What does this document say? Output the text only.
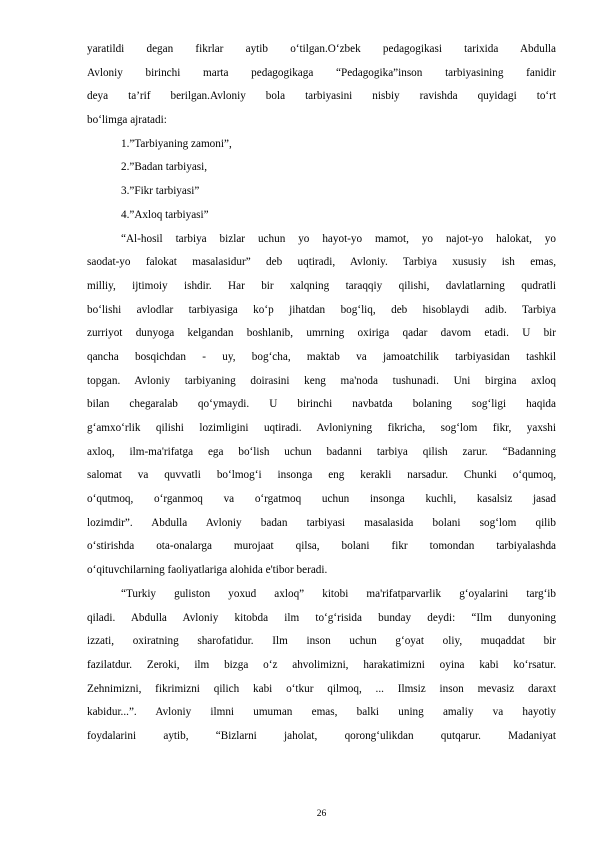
yaratildi degan fikrlar aytib o‘tilgan.O‘zbek pedagogikasi tarixida Abdulla
Avloniy birinchi marta pedagogikaga “Pedagogika”insоn tarbiyasining fanidir
deya ta’rif berilgan.Avloniy bola tarbiyasini nisbiy ravishda quyidagi to‘rt
bo‘limga ajratadi:
1.”Tarbiyaning zamoni”,
2.”Badan tarbiyasi,
3.”Fikr tarbiyasi”
4.”Axloq tarbiyasi”
“Al-hosil tarbiya bizlar uchun yo hayot-yo mamot, yo najot-yo halokat, yo
saodat-yo falokat masalasidur” deb uqtiradi, Avloniy. Tarbiya xususiy ish emas,
milliy, ijtimoiy ishdir. Har bir xalqning taraqqiy qilishi, davlatlarning qudratli
bo‘lishi avlodlar tarbiyasiga ko‘p jihatdan bog‘liq, deb hisoblaydi adib. Tarbiya
zurriyot dunyoga kelgandan boshlanib, umrning oxiriga qadar davom etadi. U bir
qancha bosqichdan - uy, bog‘cha, maktab va jamoatchilik tarbiyasidan tashkil
topgan. Avloniy tarbiyaning doirasini keng ma'noda tushunadi. Uni birgina axloq
bilan chegaralab qo‘ymaydi. U birinchi navbatda bolaning sog‘ligi haqida
g‘amxo‘rlik qilishi lozimligini uqtiradi. Avloniyning fikricha, sog‘lom fikr, yaxshi
axloq, ilm-ma'rifatga ega bo‘lish uchun badanni tarbiya qilish zarur. “Badanning
salomat va quvvatli bo‘lmog‘i insonga eng kerakli narsadur. Chunki o‘qumoq,
o‘qutmoq, o‘rganmoq va o‘rgatmoq uchun insonga kuchli, kasalsiz jasad
lozimdir”. Abdulla Avloniy badan tarbiyasi masalasida bolani sog‘lom qilib
o‘stirishda ota-onalarga murojaat qilsa, bolani fikr tomondan tarbiyalashda
o‘qituvchilarning faoliyatlariga alohida e'tibor beradi.
“Turkiy guliston yoxud axloq” kitobi ma'rifatparvarlik g‘oyalarini targ‘ib
qiladi. Abdulla Avloniy kitobda ilm to‘g‘risida bunday deydi: “Ilm dunyoning
izzati, oxiratning sharofatidur. Ilm inson uchun g‘oyat oliy, muqaddat bir
fazilatdur. Zeroki, ilm bizga o‘z ahvolimizni, harakatimizni oyina kabi ko‘rsatur.
Zehnimizni, fikrimizni qilich kabi o‘tkur qilmoq, ... Ilmsiz inson mevasiz daraxt
kabidur...”. Avloniy ilmni umuman emas, balki uning amaliy va hayotiy
foydalarini aytib, “Bizlarni jaholat, qorong‘ulikdan qutqarur. Madaniyat
26
